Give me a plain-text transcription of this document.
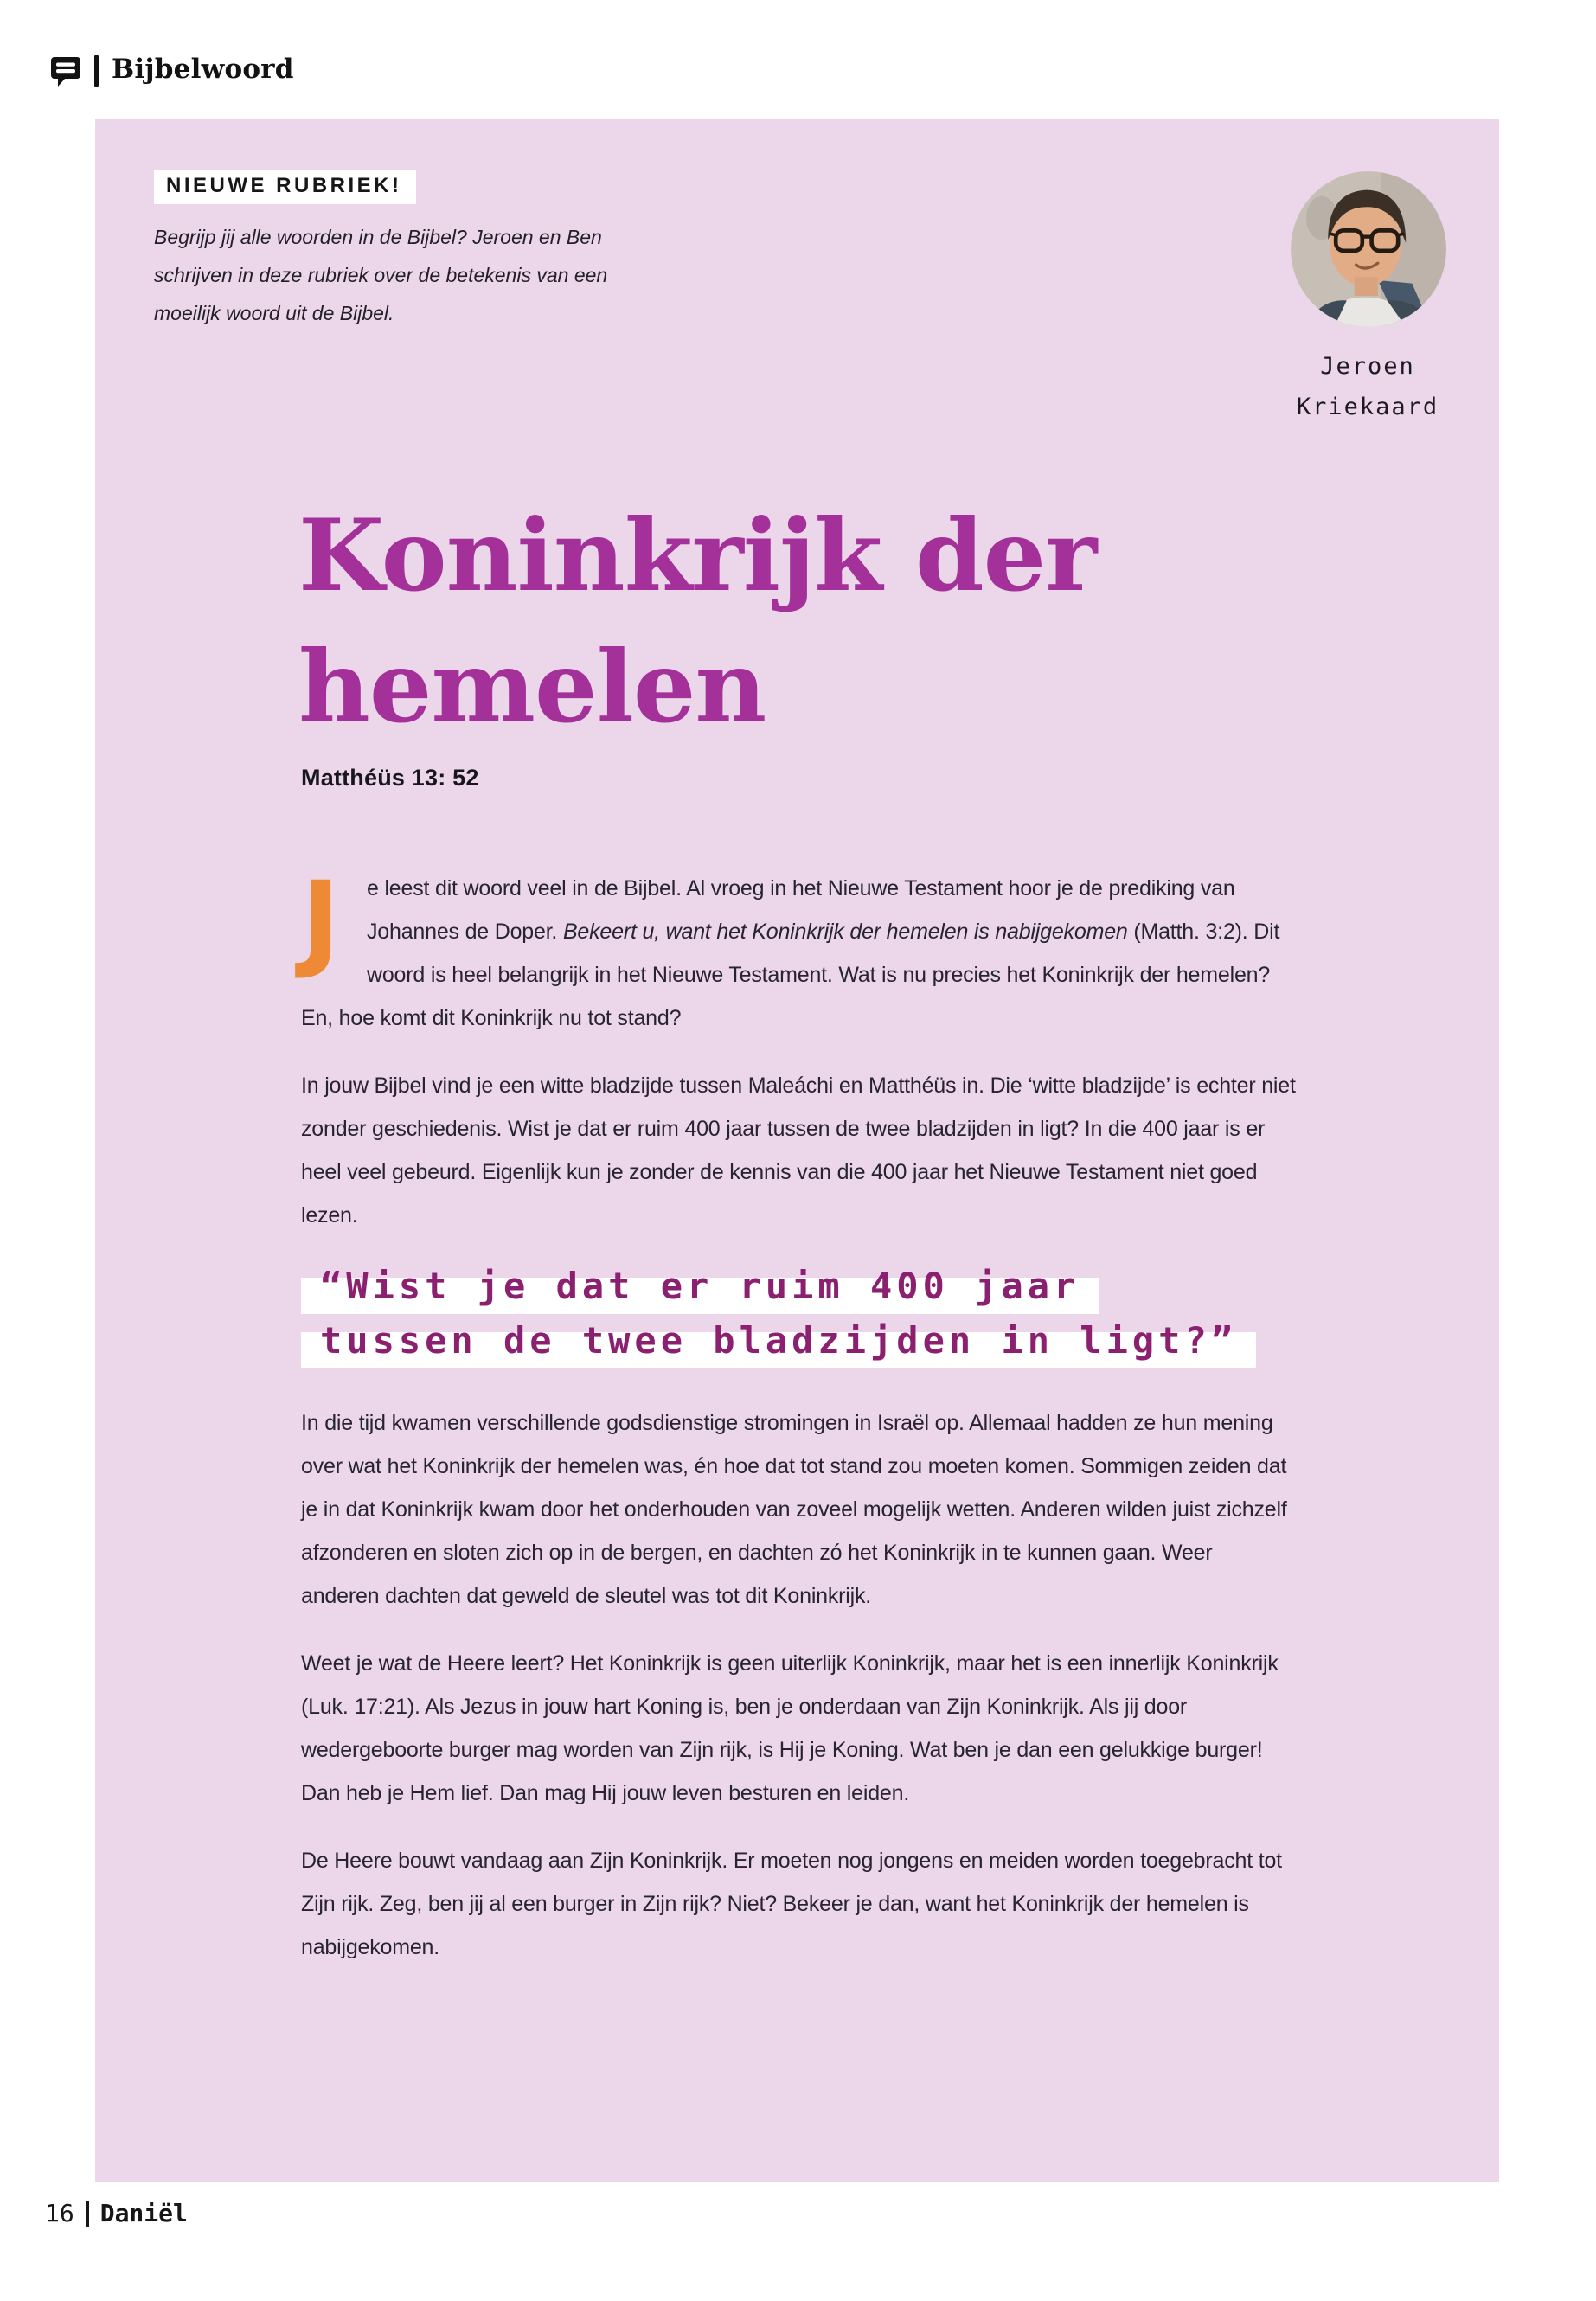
Bijbelwoord
NIEUWE RUBRIEK!
Begrijp jij alle woorden in de Bijbel? Jeroen en Ben schrijven in deze rubriek over de betekenis van een moeilijk woord uit de Bijbel.
Jeroen
Kriekaard
Koninkrijk der
hemelen
Matthéüs 13: 52

J	e leest dit woord veel in de Bijbel. Al vroeg in het Nieuwe Testament hoor je de prediking van Johannes de Doper. Bekeert u, want het Koninkrijk der hemelen is nabijgekomen (Matth. 3:2). Dit woord is heel belangrijk in het Nieuwe Testament. Wat is nu precies het Koninkrijk der hemelen? En, hoe komt dit Koninkrijk nu tot stand?

In jouw Bijbel vind je een witte bladzijde tussen Maleáchi en Matthéüs in. Die ‘witte bladzijde’ is echter niet zonder geschiedenis. Wist je dat er ruim 400 jaar tussen de twee bladzijden in ligt? In die 400 jaar is er heel veel gebeurd. Eigenlijk kun je zonder de kennis van die 400 jaar het Nieuwe Testament niet goed lezen.

“Wist je dat er ruim 400 jaar
tussen de twee bladzijden in ligt?”

In die tijd kwamen verschillende godsdienstige stromingen in Israël op. Allemaal hadden ze hun mening over wat het Koninkrijk der hemelen was, én hoe dat tot stand zou moeten komen. Sommigen zeiden dat je in dat Koninkrijk kwam door het onderhouden van zoveel mogelijk wetten. Anderen wilden juist zichzelf afzonderen en sloten zich op in de bergen, en dachten zó het Koninkrijk in te kunnen gaan. Weer anderen dachten dat geweld de sleutel was tot dit Koninkrijk.

Weet je wat de Heere leert? Het Koninkrijk is geen uiterlijk Koninkrijk, maar het is een innerlijk Koninkrijk (Luk. 17:21). Als Jezus in jouw hart Koning is, ben je onderdaan van Zijn Koninkrijk. Als jij door wedergeboorte burger mag worden van Zijn rijk, is Hij je Koning. Wat ben je dan een gelukkige burger! Dan heb je Hem lief. Dan mag Hij jouw leven besturen en leiden.

De Heere bouwt vandaag aan Zijn Koninkrijk. Er moeten nog jongens en meiden worden toegebracht tot Zijn rijk. Zeg, ben jij al een burger in Zijn rijk? Niet? Bekeer je dan, want het Koninkrijk der hemelen is nabijgekomen.

16 Daniël
